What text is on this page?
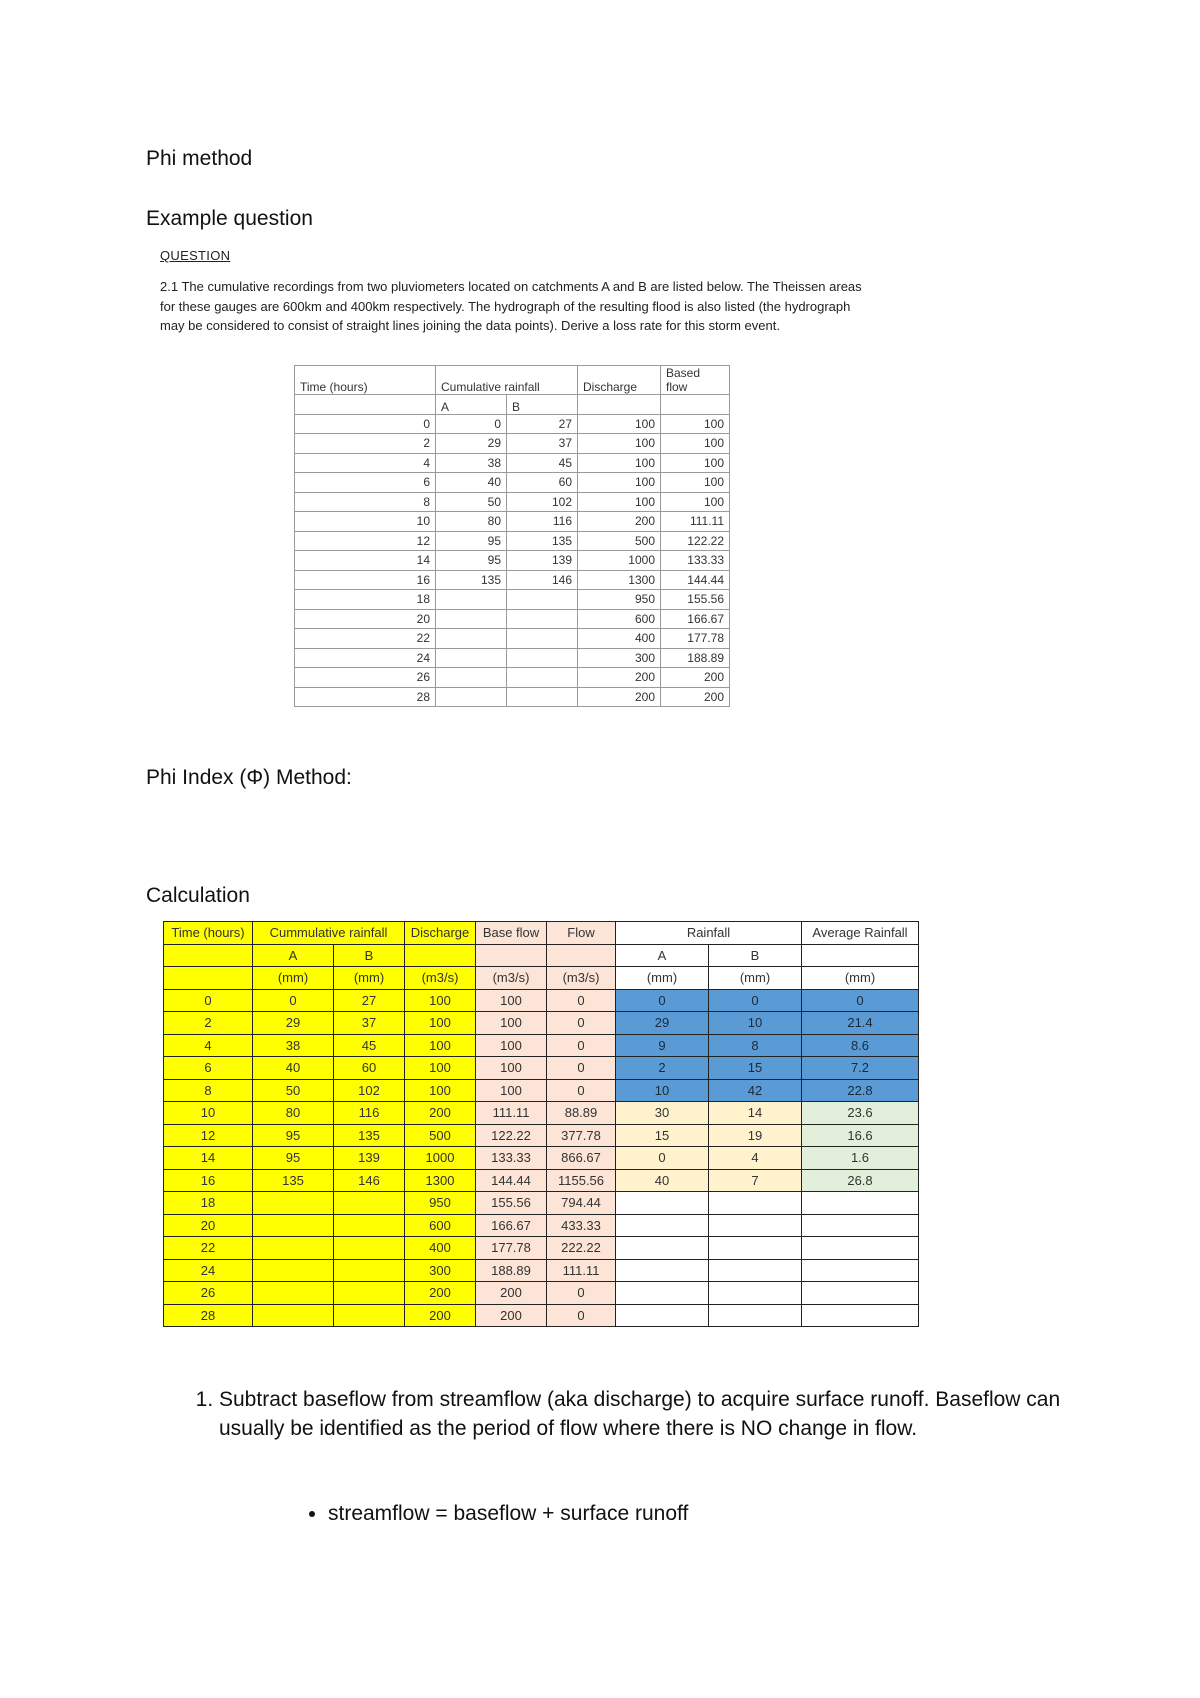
Phi method
Example question
QUESTION
2.1 The cumulative recordings from two pluviometers located on catchments A and B are listed below. The Theissen areas for these gauges are 600km and 400km respectively. The hydrograph of the resulting flood is also listed (the hydrograph may be considered to consist of straight lines joining the data points). Derive a loss rate for this storm event.
Time (hours)	Cumulative rainfall		Discharge	Based flow
	A	B		
0	0	27	100	100
2	29	37	100	100
4	38	45	100	100
6	40	60	100	100
8	50	102	100	100
10	80	116	200	111.11
12	95	135	500	122.22
14	95	139	1000	133.33
16	135	146	1300	144.44
18			950	155.56
20			600	166.67
22			400	177.78
24			300	188.89
26			200	200
28			200	200
Phi Index (Φ) Method:
Calculation
Time (hours)	Cummulative rainfall		Discharge	Base flow	Flow	Rainfall		Average Rainfall
	A	B				A	B	
	(mm)	(mm)	(m3/s)	(m3/s)	(m3/s)	(mm)	(mm)	(mm)
0	0	27	100	100	0	0	0	0
2	29	37	100	100	0	29	10	21.4
4	38	45	100	100	0	9	8	8.6
6	40	60	100	100	0	2	15	7.2
8	50	102	100	100	0	10	42	22.8
10	80	116	200	111.11	88.89	30	14	23.6
12	95	135	500	122.22	377.78	15	19	16.6
14	95	139	1000	133.33	866.67	0	4	1.6
16	135	146	1300	144.44	1155.56	40	7	26.8
18			950	155.56	794.44			
20			600	166.67	433.33			
22			400	177.78	222.22			
24			300	188.89	111.11			
26			200	200	0			
28			200	200	0			
1. Subtract baseflow from streamflow (aka discharge) to acquire surface runoff. Baseflow can usually be identified as the period of flow where there is NO change in flow.
• streamflow = baseflow + surface runoff
